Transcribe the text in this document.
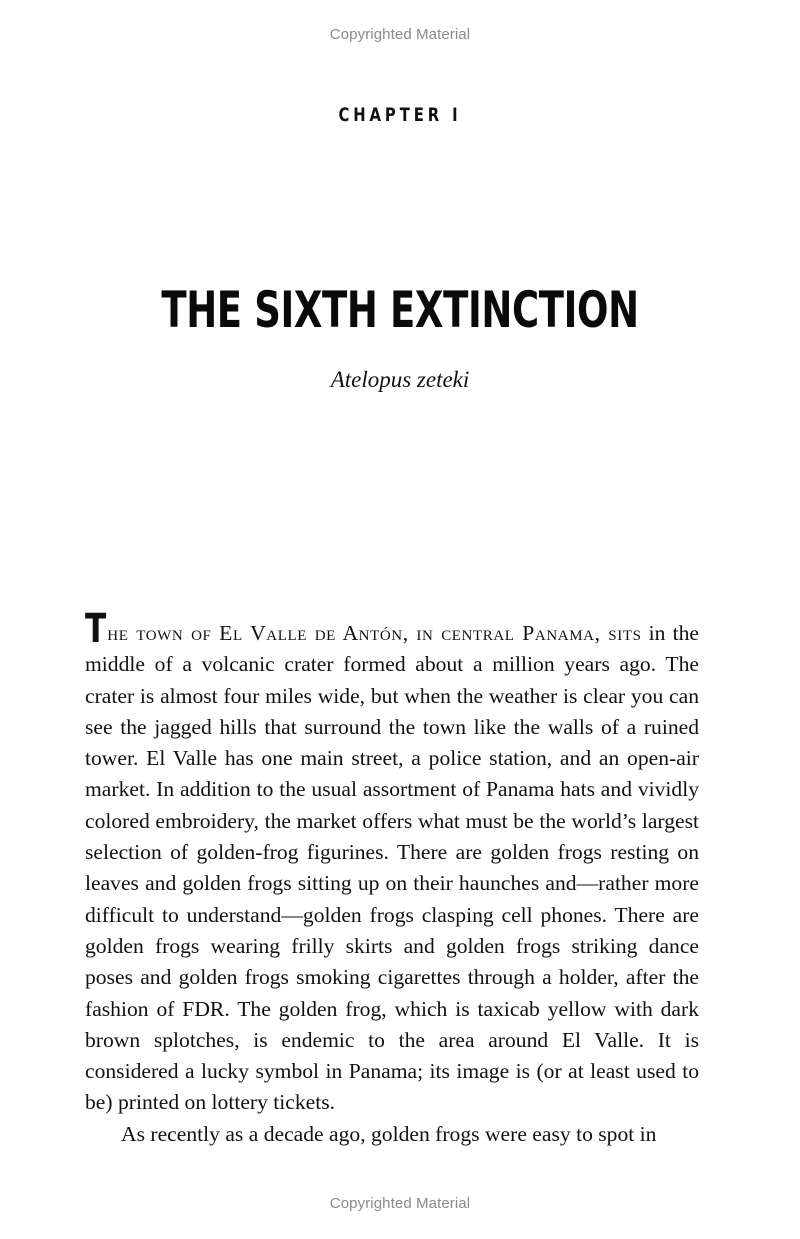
Copyrighted Material
CHAPTER I
THE SIXTH EXTINCTION
Atelopus zeteki

The town of El Valle de Antón, in central Panama, sits in the middle of a volcanic crater formed about a million years ago. The crater is almost four miles wide, but when the weather is clear you can see the jagged hills that surround the town like the walls of a ruined tower. El Valle has one main street, a police station, and an open-air market. In addition to the usual assortment of Panama hats and vividly colored embroidery, the market offers what must be the world’s largest selection of golden-frog figurines. There are golden frogs resting on leaves and golden frogs sitting up on their haunches and—rather more difficult to understand—golden frogs clasping cell phones. There are golden frogs wearing frilly skirts and golden frogs striking dance poses and golden frogs smoking cigarettes through a holder, after the fashion of FDR. The golden frog, which is taxicab yellow with dark brown splotches, is endemic to the area around El Valle. It is considered a lucky symbol in Panama; its image is (or at least used to be) printed on lottery tickets.

As recently as a decade ago, golden frogs were easy to spot in

Copyrighted Material
